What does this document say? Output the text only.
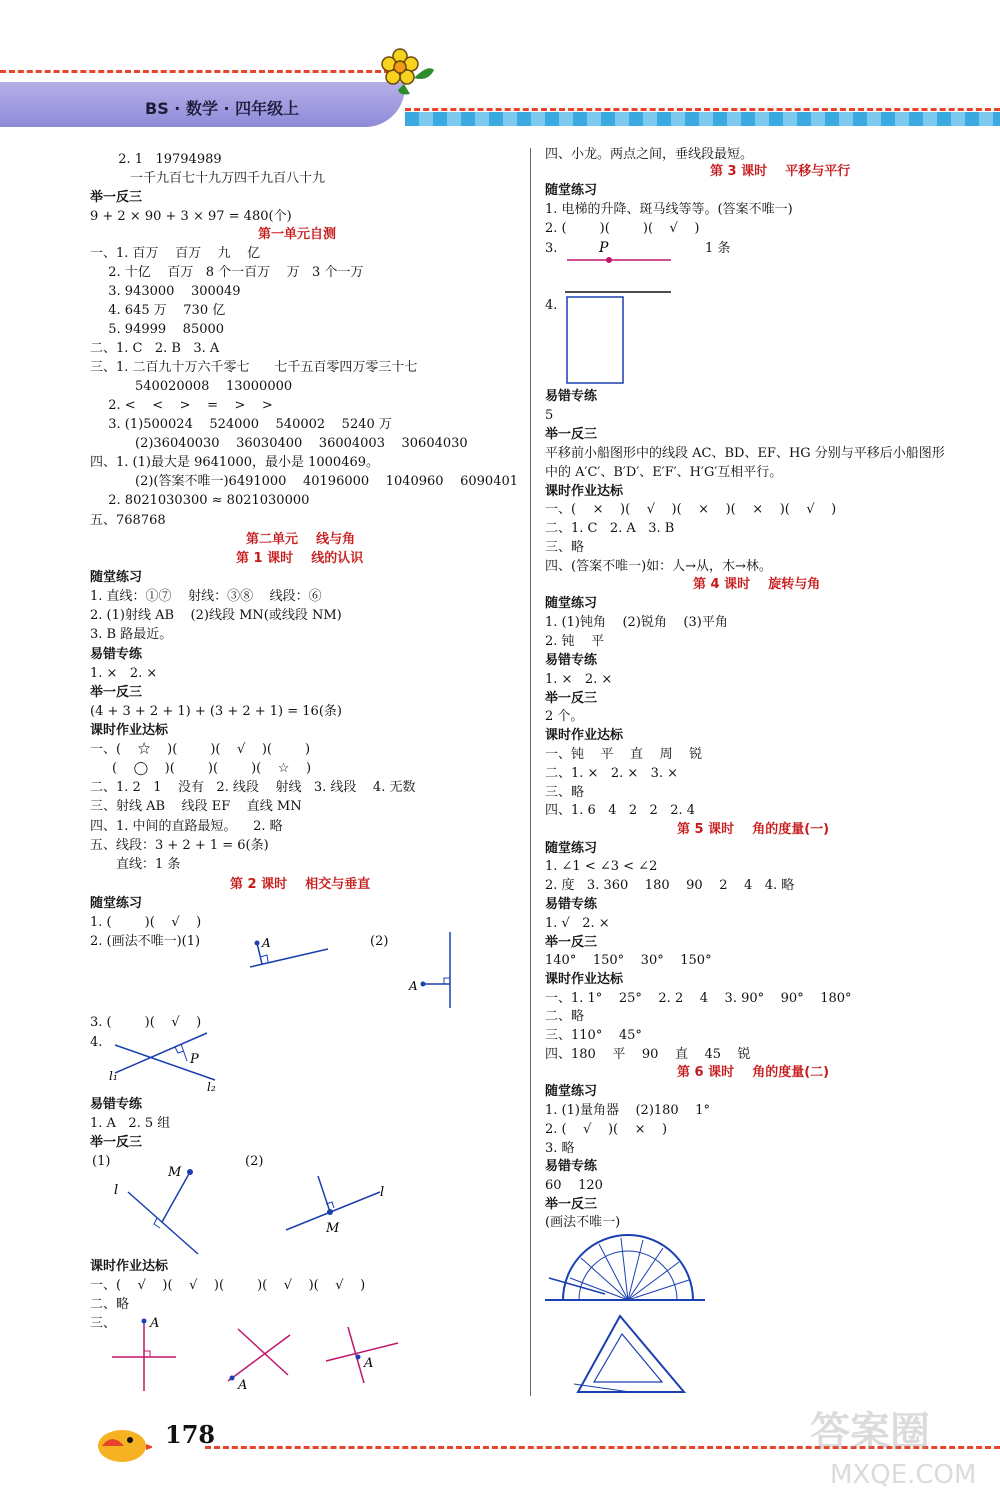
BS · 数学 · 四年级上
2. 1   19794989
一千九百七十九万四千九百八十九
举一反三
9 + 2 × 90 + 3 × 97 = 480(个)
第一单元自测
一、1. 百万    百万    九    亿
2. 十亿    百万   8 个一百万    万   3 个一万
3. 943000    300049
4. 645 万    730 亿
5. 94999    85000
二、1. C   2. B   3. A
三、1. 二百九十万六千零七      七千五百零四万零三十七
540020008    13000000
2. <    <    >    =    >    >
3. (1)500024    524000    540002    5240 万
(2)36040030    36030400    36004003    30604030
四、1. (1)最大是 9641000，最小是 1000469。
(2)(答案不唯一)6491000    40196000    1040960    6090401
2. 8021030300 ≈ 8021030000
五、768768
第二单元    线与角
第 1 课时    线的认识
随堂练习
1. 直线：①⑦    射线：③⑧    线段：⑥
2. (1)射线 AB    (2)线段 MN(或线段 NM)
3. B 路最近。
易错专练
1. ×   2. ×
举一反三
(4 + 3 + 2 + 1) + (3 + 2 + 1) = 16(条)
课时作业达标
一、(    ☆    )(        )(    √    )(        )
(    ◯    )(        )(        )(    ☆    )
二、1. 2   1    没有   2. 线段    射线   3. 线段    4. 无数
三、射线 AB    线段 EF    直线 MN
四、1. 中间的直路最短。    2. 略
五、线段：3 + 2 + 1 = 6(条)
直线：1 条
第 2 课时    相交与垂直
随堂练习
1. (        )(    √    )
2. (画法不唯一)(1)	(2)
3. (        )(    √    )
4.
易错专练
1. A   2. 5 组
举一反三
(1)	(2)
课时作业达标
一、(    √    )(    √    )(        )(    √    )(    √    )
二、略
三、
四、小龙。两点之间，垂线段最短。
第 3 课时    平移与平行
随堂练习
1. 电梯的升降、斑马线等等。(答案不唯一)
2. (        )(        )(    √    )
3.	1 条
4.
易错专练
5
举一反三
平移前小船图形中的线段 AC、BD、EF、HG 分别与平移后小船图形
中的 A′C′、B′D′、E′F′、H′G′互相平行。
课时作业达标
一、(    ×    )(    √    )(    ×    )(    ×    )(    √    )
二、1. C   2. A   3. B
三、略
四、(答案不唯一)如：人→从，木→林。
第 4 课时    旋转与角
随堂练习
1. (1)钝角    (2)锐角    (3)平角
2. 钝    平
易错专练
1. ×   2. ×
举一反三
2 个。
课时作业达标
一、钝    平    直    周    锐
二、1. ×   2. ×   3. ×
三、略
四、1. 6   4   2   2   2. 4
第 5 课时    角的度量(一)
随堂练习
1. ∠1 < ∠3 < ∠2
2. 度   3. 360    180    90    2    4   4. 略
易错专练
1. √   2. ×
举一反三
140°    150°    30°    150°
课时作业达标
一、1. 1°    25°    2. 2    4    3. 90°    90°    180°
二、略
三、110°    45°
四、180    平    90    直    45    锐
第 6 课时    角的度量(二)
随堂练习
1. (1)量角器    (2)180    1°
2. (    √    )(    ×    )
3. 略
易错专练
60    120
举一反三
(画法不唯一)
A
A
P
l₁
l₂
M
l
M
l
A
A
A
P
178	答案圈
MXQE.COM
